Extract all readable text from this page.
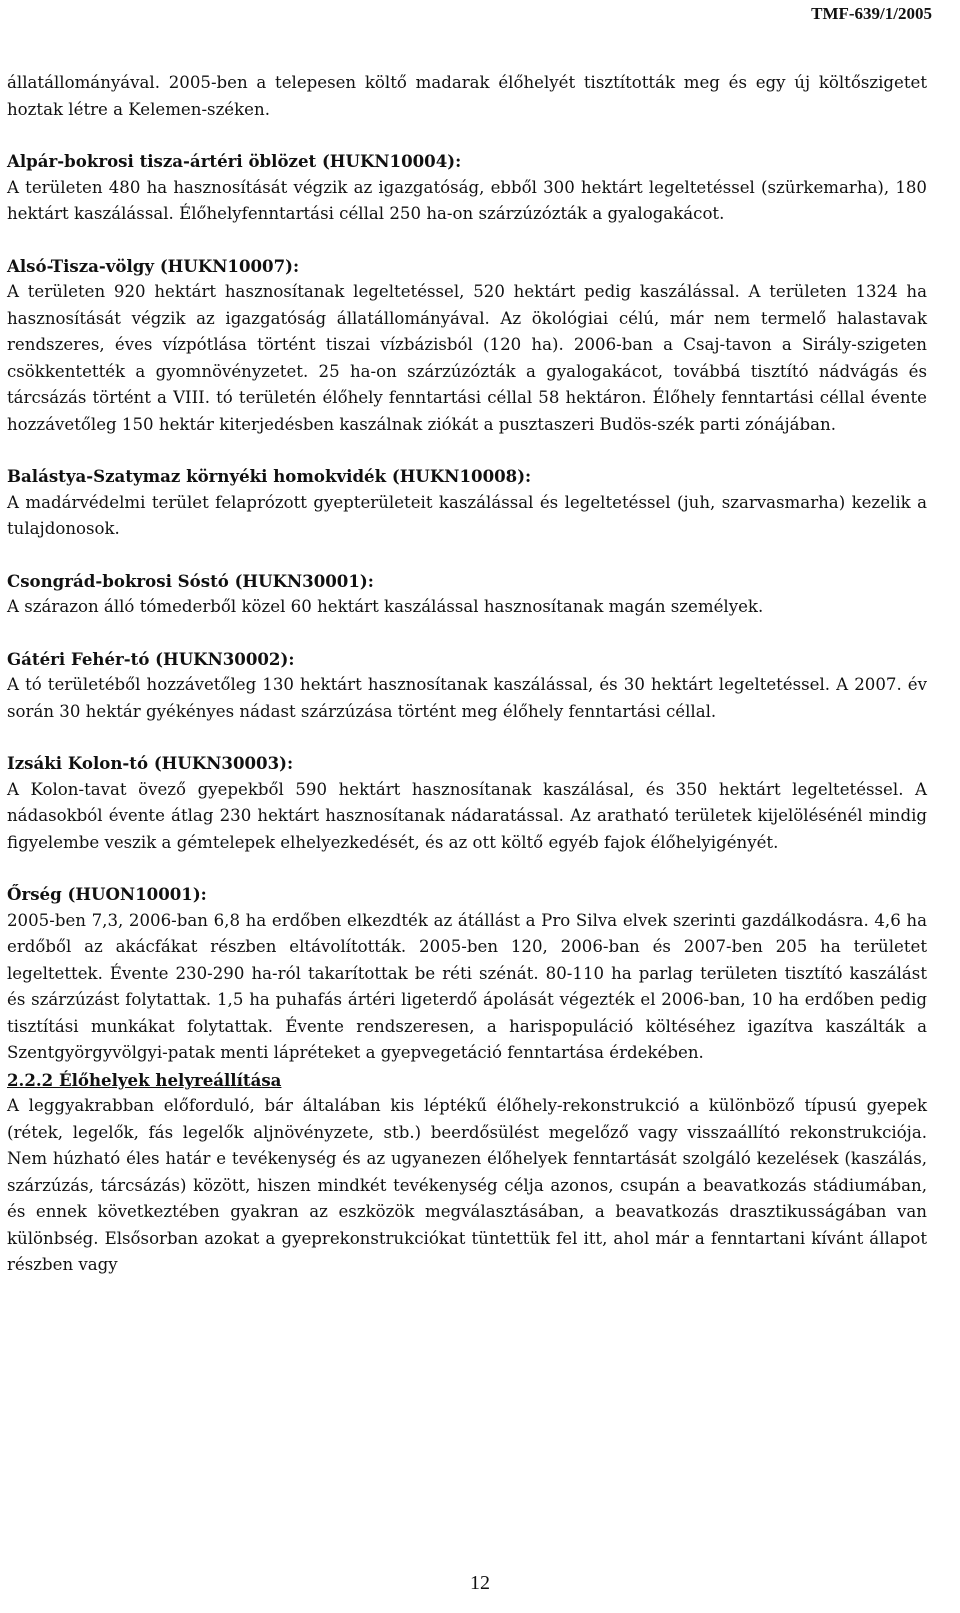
TMF-639/1/2005

állatállományával. 2005-ben a telepesen költő madarak élőhelyét tisztították meg és egy új költőszigetet hoztak létre a Kelemen-széken.

Alpár-bokrosi tisza-ártéri öblözet (HUKN10004):

A területen 480 ha hasznosítását végzik az igazgatóság, ebből 300 hektárt legeltetéssel (szürkemarha), 180 hektárt kaszálással. Élőhelyfenntartási céllal 250 ha-on szárzúzózták a gyalogakácot.

Alsó-Tisza-völgy (HUKN10007):

A területen 920 hektárt hasznosítanak legeltetéssel, 520 hektárt pedig kaszálással. A területen 1324 ha hasznosítását végzik az igazgatóság állatállományával. Az ökológiai célú, már nem termelő halastavak rendszeres, éves vízpótlása történt tiszai vízbázisból (120 ha). 2006-ban a Csaj-tavon a Sirály-szigeten csökkentették a gyomnövényzetet. 25 ha-on szárzúzózták a gyalogakácot, továbbá tisztító nádvágás és tárcsázás történt a VIII. tó területén élőhely fenntartási céllal 58 hektáron. Élőhely fenntartási céllal évente hozzávetőleg 150 hektár kiterjedésben kaszálnak ziókát a pusztaszeri Budös-szék parti zónájában.

Balástya-Szatymaz környéki homokvidék (HUKN10008):

A madárvédelmi terület felaprózott gyepterületeit kaszálással és legeltetéssel (juh, szarvasmarha) kezelik a tulajdonosok.

Csongrád-bokrosi Sóstó (HUKN30001):

A szárazon álló tómederből közel 60 hektárt kaszálással hasznosítanak magán személyek.

Gátéri Fehér-tó (HUKN30002):

A tó területéből hozzávetőleg 130 hektárt hasznosítanak kaszálással, és 30 hektárt legeltetéssel. A 2007. év során 30 hektár gyékényes nádast szárzúzása történt meg élőhely fenntartási céllal.

Izsáki Kolon-tó (HUKN30003):

A Kolon-tavat övező gyepekből 590 hektárt hasznosítanak kaszálásal, és 350 hektárt legeltetéssel. A nádasokból évente átlag 230 hektárt hasznosítanak nádaratással. Az aratható területek kijelölésénél mindig figyelembe veszik a gémtelepek elhelyezkedését, és az ott költő egyéb fajok élőhelyigényét.

Őrség (HUON10001):

2005-ben 7,3, 2006-ban 6,8 ha erdőben elkezdték az átállást a Pro Silva elvek szerinti gazdálkodásra. 4,6 ha erdőből az akácfákat részben eltávolították. 2005-ben 120, 2006-ban és 2007-ben 205 ha területet legeltettek. Évente 230-290 ha-ról takarítottak be réti szénát. 80-110 ha parlag területen tisztító kaszálást és szárzúzást folytattak. 1,5 ha puhafás ártéri ligeterdő ápolását végezték el 2006-ban, 10 ha erdőben pedig tisztítási munkákat folytattak. Évente rendszeresen, a harispopuláció költéséhez igazítva kaszálták a Szentgyörgyvölgyi-patak menti lápréteket a gyepvegetáció fenntartása érdekében.

2.2.2 Élőhelyek helyreállítása

A leggyakrabban előforduló, bár általában kis léptékű élőhely-rekonstrukció a különböző típusú gyepek (rétek, legelők, fás legelők aljnövényzete, stb.) beerdősülést megelőző vagy visszaállító rekonstrukciója. Nem húzható éles határ e tevékenység és az ugyanezen élőhelyek fenntartását szolgáló kezelések (kaszálás, szárzúzás, tárcsázás) között, hiszen mindkét tevékenység célja azonos, csupán a beavatkozás stádiumában, és ennek következtében gyakran az eszközök megválasztásában, a beavatkozás drasztikusságában van különbség. Elsősorban azokat a gyeprekonstrukciókat tüntettük fel itt, ahol már a fenntartani kívánt állapot részben vagy

12
